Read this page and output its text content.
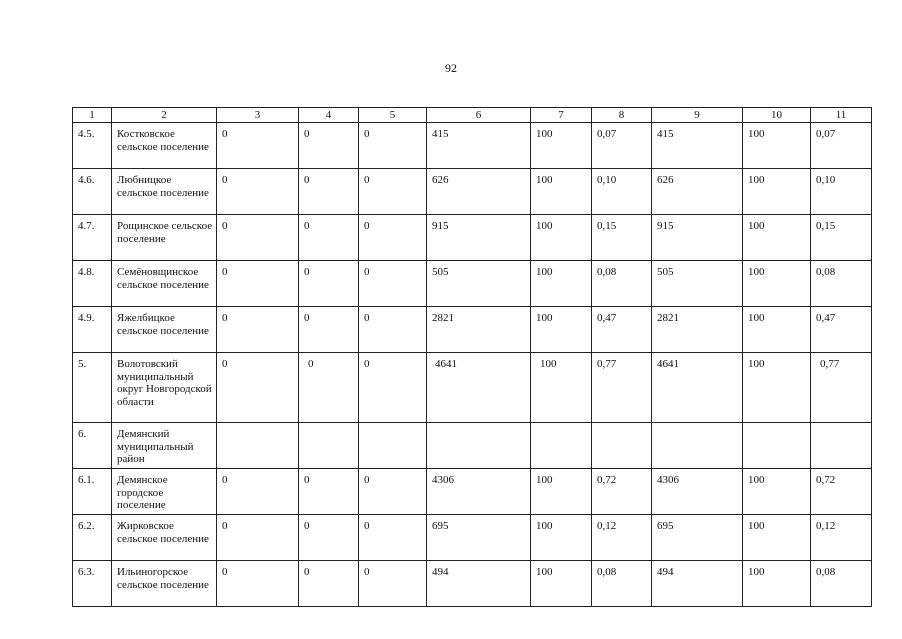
92
1	2	3	4	5	6	7	8	9	10	11
4.5.	Костковское сельское поселение	0	0	0	415	100	0,07	415	100	0,07
4.6.	Любницкое сельское поселение	0	0	0	626	100	0,10	626	100	0,10
4.7.	Рощинское сельское поселение	0	0	0	915	100	0,15	915	100	0,15
4.8.	Семёновщинское сельское поселение	0	0	0	505	100	0,08	505	100	0,08
4.9.	Яжелбицкое сельское поселение	0	0	0	2821	100	0,47	2821	100	0,47
5.	Волотовский муниципальный округ Новгородской области	0	0	0	4641	100	0,77	4641	100	0,77
6.	Демянский муниципальный район									
6.1.	Демянское городское поселение	0	0	0	4306	100	0,72	4306	100	0,72
6.2.	Жирковское сельское поселение	0	0	0	695	100	0,12	695	100	0,12
6.3.	Ильиногорское сельское поселение	0	0	0	494	100	0,08	494	100	0,08
